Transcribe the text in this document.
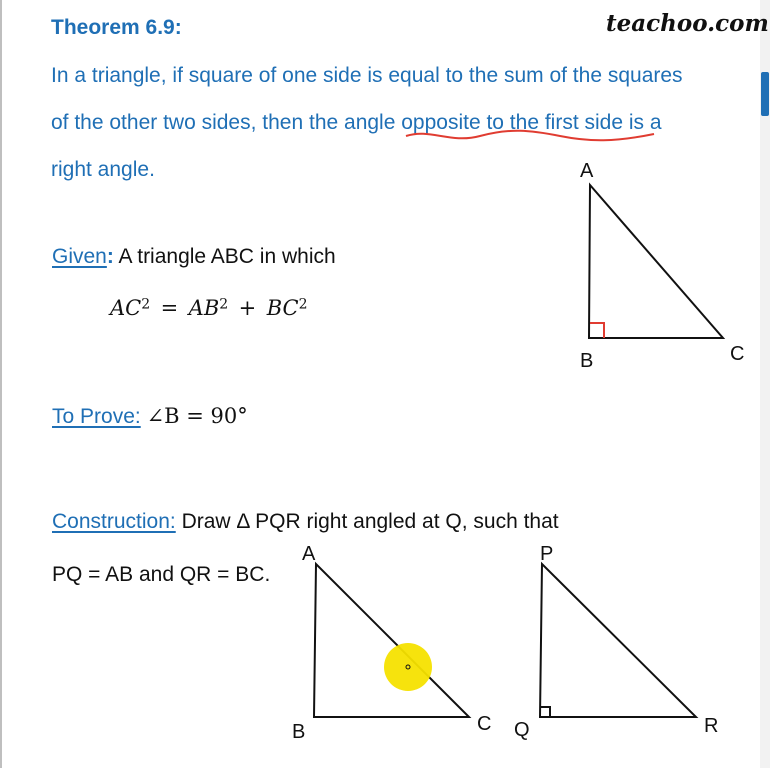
teachoo.com
Theorem 6.9:
In a triangle, if square of one side is equal to the sum of the squares
of the other two sides, then the angle opposite to the first side is a
right angle.	A
B	C
Given: A triangle ABC in which
$AC^2 = AB^2 + BC^2$
To Prove: ∠B = 90°
Construction: Draw Δ PQR right angled at Q, such that
PQ = AB and QR = BC.
A
B	C
P
Q	R
